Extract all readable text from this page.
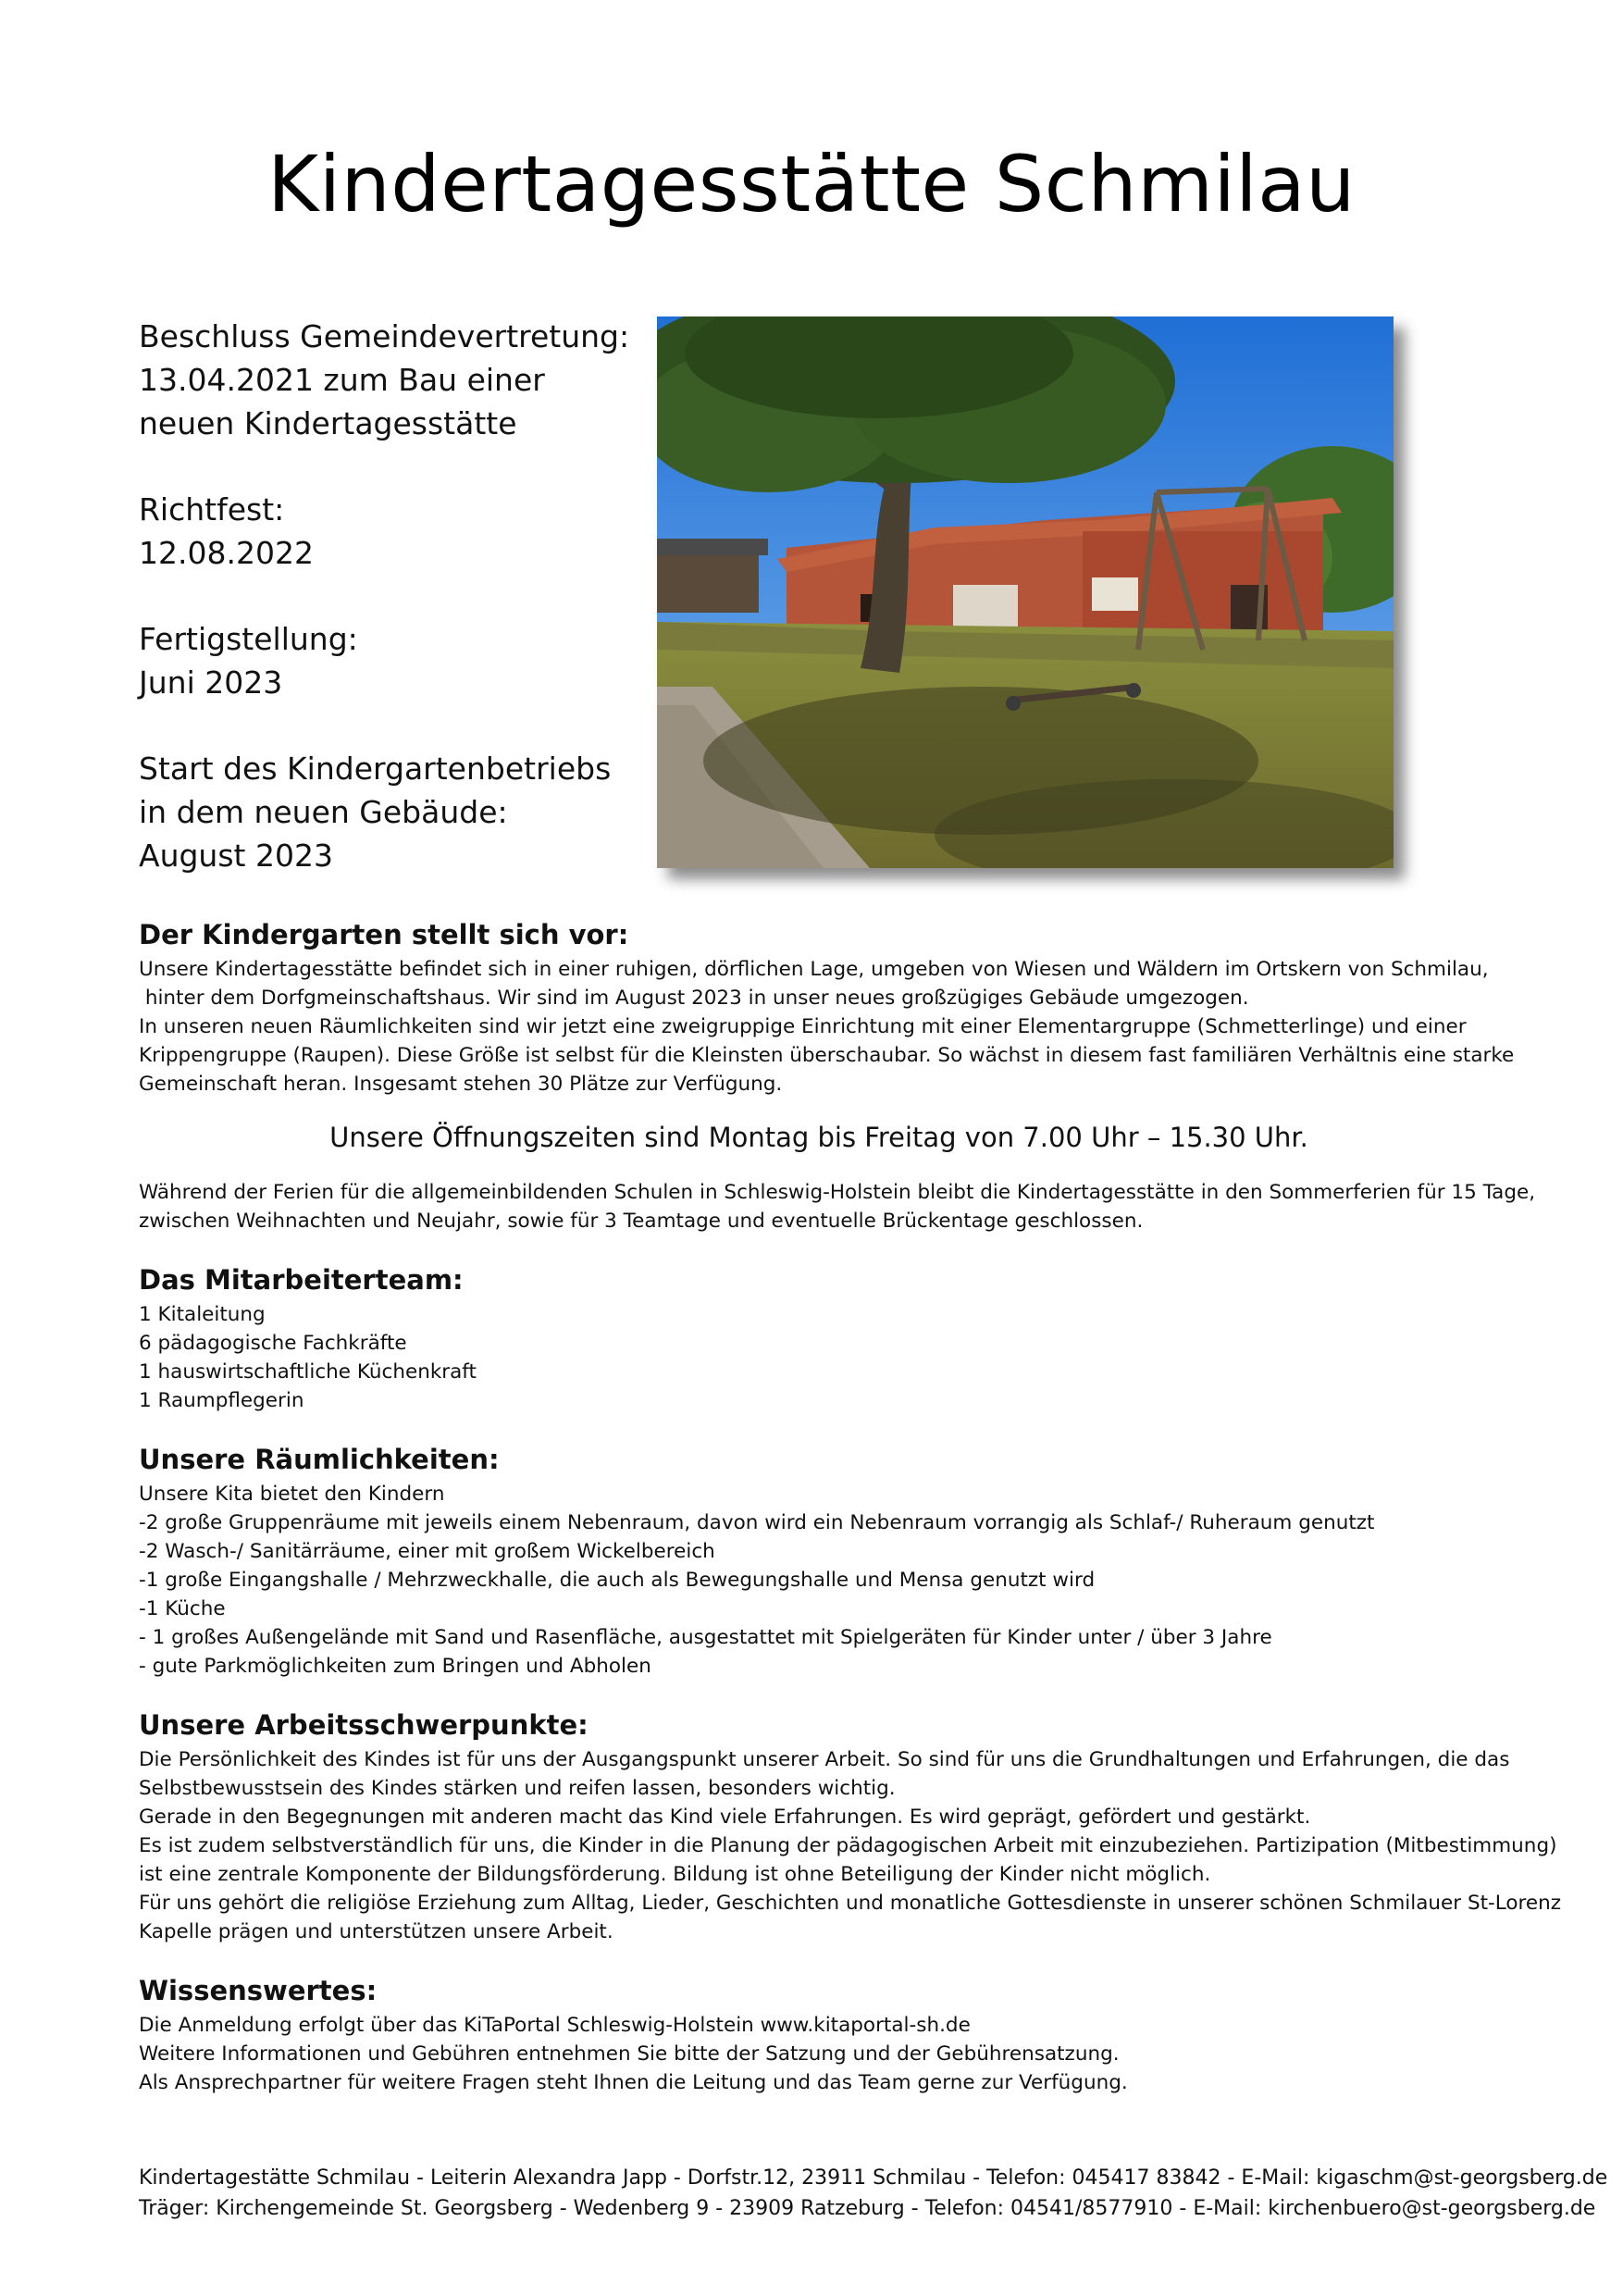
Kindertagesstätte Schmilau
Beschluss Gemeindevertretung:
13.04.2021 zum Bau einer
neuen Kindertagesstätte
Richtfest:
12.08.2022
Fertigstellung:
Juni 2023
Start des Kindergartenbetriebs
in dem neuen Gebäude:
August 2023
Der Kindergarten stellt sich vor:
Unsere Kindertagesstätte befindet sich in einer ruhigen, dörflichen Lage, umgeben von Wiesen und Wäldern im Ortskern von Schmilau,
hinter dem Dorfgmeinschaftshaus. Wir sind im August 2023 in unser neues großzügiges Gebäude umgezogen.
In unseren neuen Räumlichkeiten sind wir jetzt eine zweigruppige Einrichtung mit einer Elementargruppe (Schmetterlinge) und einer
Krippengruppe (Raupen). Diese Größe ist selbst für die Kleinsten überschaubar. So wächst in diesem fast familiären Verhältnis eine starke
Gemeinschaft heran. Insgesamt stehen 30 Plätze zur Verfügung.
Unsere Öffnungszeiten sind Montag bis Freitag von 7.00 Uhr – 15.30 Uhr.
Während der Ferien für die allgemeinbildenden Schulen in Schleswig-Holstein bleibt die Kindertagesstätte in den Sommerferien für 15 Tage,
zwischen Weihnachten und Neujahr, sowie für 3 Teamtage und eventuelle Brückentage geschlossen.
Das Mitarbeiterteam:
1 Kitaleitung
6 pädagogische Fachkräfte
1 hauswirtschaftliche Küchenkraft
1 Raumpflegerin
Unsere Räumlichkeiten:
Unsere Kita bietet den Kindern
-2 große Gruppenräume mit jeweils einem Nebenraum, davon wird ein Nebenraum vorrangig als Schlaf-/ Ruheraum genutzt
-2 Wasch-/ Sanitärräume, einer mit großem Wickelbereich
-1 große Eingangshalle / Mehrzweckhalle, die auch als Bewegungshalle und Mensa genutzt wird
-1 Küche
- 1 großes Außengelände mit Sand und Rasenfläche, ausgestattet mit Spielgeräten für Kinder unter / über 3 Jahre
- gute Parkmöglichkeiten zum Bringen und Abholen
Unsere Arbeitsschwerpunkte:
Die Persönlichkeit des Kindes ist für uns der Ausgangspunkt unserer Arbeit. So sind für uns die Grundhaltungen und Erfahrungen, die das
Selbstbewusstsein des Kindes stärken und reifen lassen, besonders wichtig.
Gerade in den Begegnungen mit anderen macht das Kind viele Erfahrungen. Es wird geprägt, gefördert und gestärkt.
Es ist zudem selbstverständlich für uns, die Kinder in die Planung der pädagogischen Arbeit mit einzubeziehen. Partizipation (Mitbestimmung)
ist eine zentrale Komponente der Bildungsförderung. Bildung ist ohne Beteiligung der Kinder nicht möglich.
Für uns gehört die religiöse Erziehung zum Alltag, Lieder, Geschichten und monatliche Gottesdienste in unserer schönen Schmilauer St-Lorenz
Kapelle prägen und unterstützen unsere Arbeit.
Wissenswertes:
Die Anmeldung erfolgt über das KiTaPortal Schleswig-Holstein www.kitaportal-sh.de
Weitere Informationen und Gebühren entnehmen Sie bitte der Satzung und der Gebührensatzung.
Als Ansprechpartner für weitere Fragen steht Ihnen die Leitung und das Team gerne zur Verfügung.
Kindertagestätte Schmilau - Leiterin Alexandra Japp - Dorfstr.12, 23911 Schmilau - Telefon: 045417 83842 - E-Mail: kigaschm@st-georgsberg.de
Träger: Kirchengemeinde St. Georgsberg - Wedenberg 9 - 23909 Ratzeburg - Telefon: 04541/8577910 - E-Mail: kirchenbuero@st-georgsberg.de
